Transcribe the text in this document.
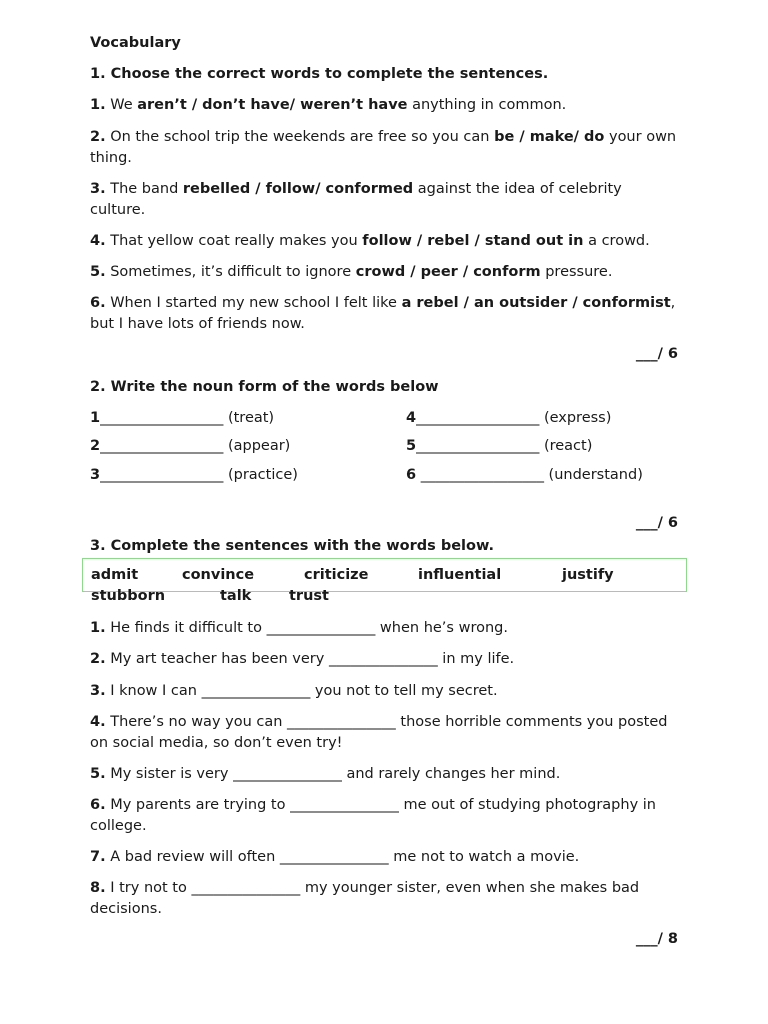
Vocabulary
1. Choose the correct words to complete the sentences.
1. We aren’t / don’t have/ weren’t have anything in common.
2. On the school trip the weekends are free so you can be / make/ do your own thing.
3. The band rebelled / follow/ conformed against the idea of celebrity culture.
4. That yellow coat really makes you follow / rebel / stand out in a crowd.
5. Sometimes, it’s difficult to ignore crowd / peer / conform pressure.
6. When I started my new school I felt like a rebel / an outsider / conformist, but I have lots of friends now.
___/ 6
2. Write the noun form of the words below
1_________________ (treat)
2_________________ (appear)
3_________________ (practice)
4_________________ (express)
5_________________ (react)
6 _________________ (understand)
___/ 6
3. Complete the sentences with the words below.
admit	convince	criticize	influential	justify
stubborn	talk	trust
1. He finds it difficult to _______________ when he’s wrong.
2. My art teacher has been very _______________ in my life.
3. I know I can _______________ you not to tell my secret.
4. There’s no way you can _______________ those horrible comments you posted on social media, so don’t even try!
5. My sister is very _______________ and rarely changes her mind.
6. My parents are trying to _______________ me out of studying photography in college.
7. A bad review will often _______________ me not to watch a movie.
8. I try not to _______________ my younger sister, even when she makes bad decisions.
___/ 8
